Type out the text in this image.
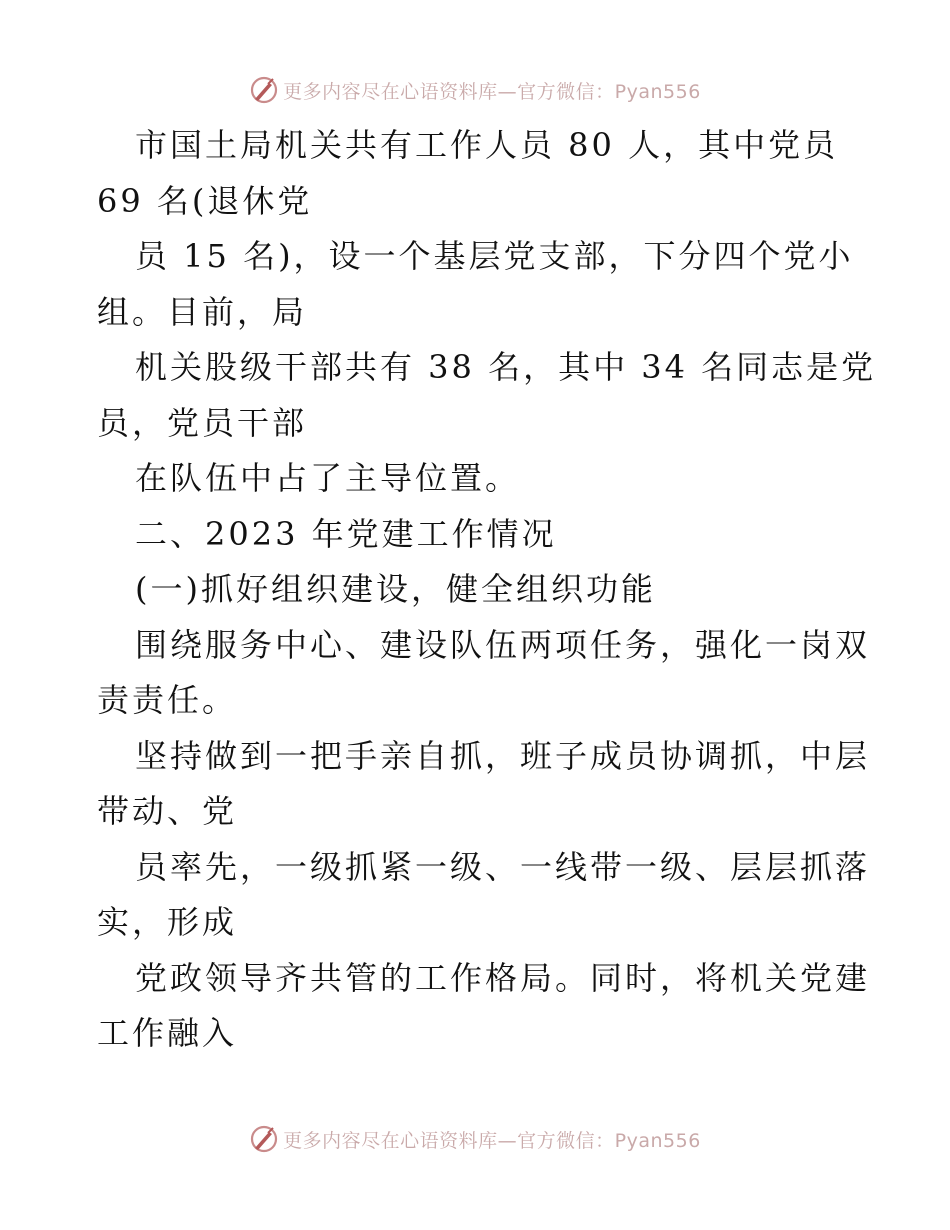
更多内容尽在心语资料库—官方微信：Pyan556
市国土局机关共有工作人员 80 人，其中党员
69 名(退休党
员 15 名)，设一个基层党支部，下分四个党小
组。目前，局
机关股级干部共有 38 名，其中 34 名同志是党
员，党员干部
在队伍中占了主导位置。
二、2023 年党建工作情况
(一)抓好组织建设，健全组织功能
围绕服务中心、建设队伍两项任务，强化一岗双
责责任。
坚持做到一把手亲自抓，班子成员协调抓，中层
带动、党
员率先，一级抓紧一级、一线带一级、层层抓落
实，形成
党政领导齐共管的工作格局。同时，将机关党建
工作融入
更多内容尽在心语资料库—官方微信：Pyan556
